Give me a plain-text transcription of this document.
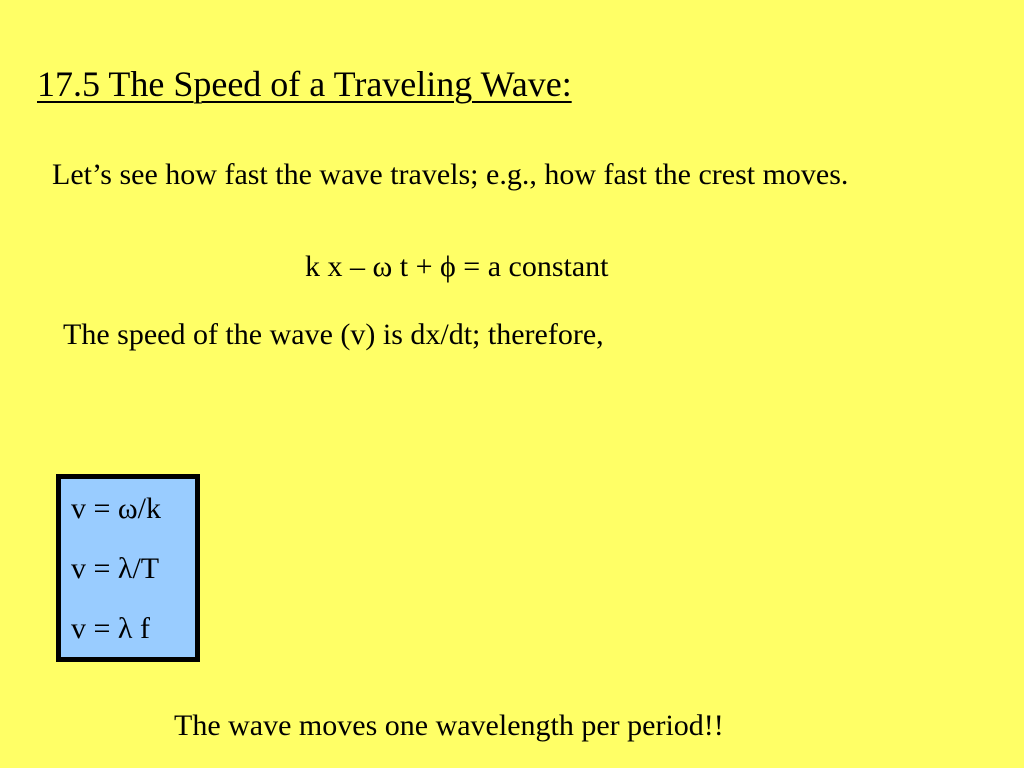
17.5 The Speed of a Traveling Wave:
Let’s see how fast the wave travels; e.g., how fast the crest moves.
k x – ω t + ϕ = a constant
The speed of the wave (v) is dx/dt; therefore,
v = ω/k
v = λ/T
v = λ f
The wave moves one wavelength per period!!
